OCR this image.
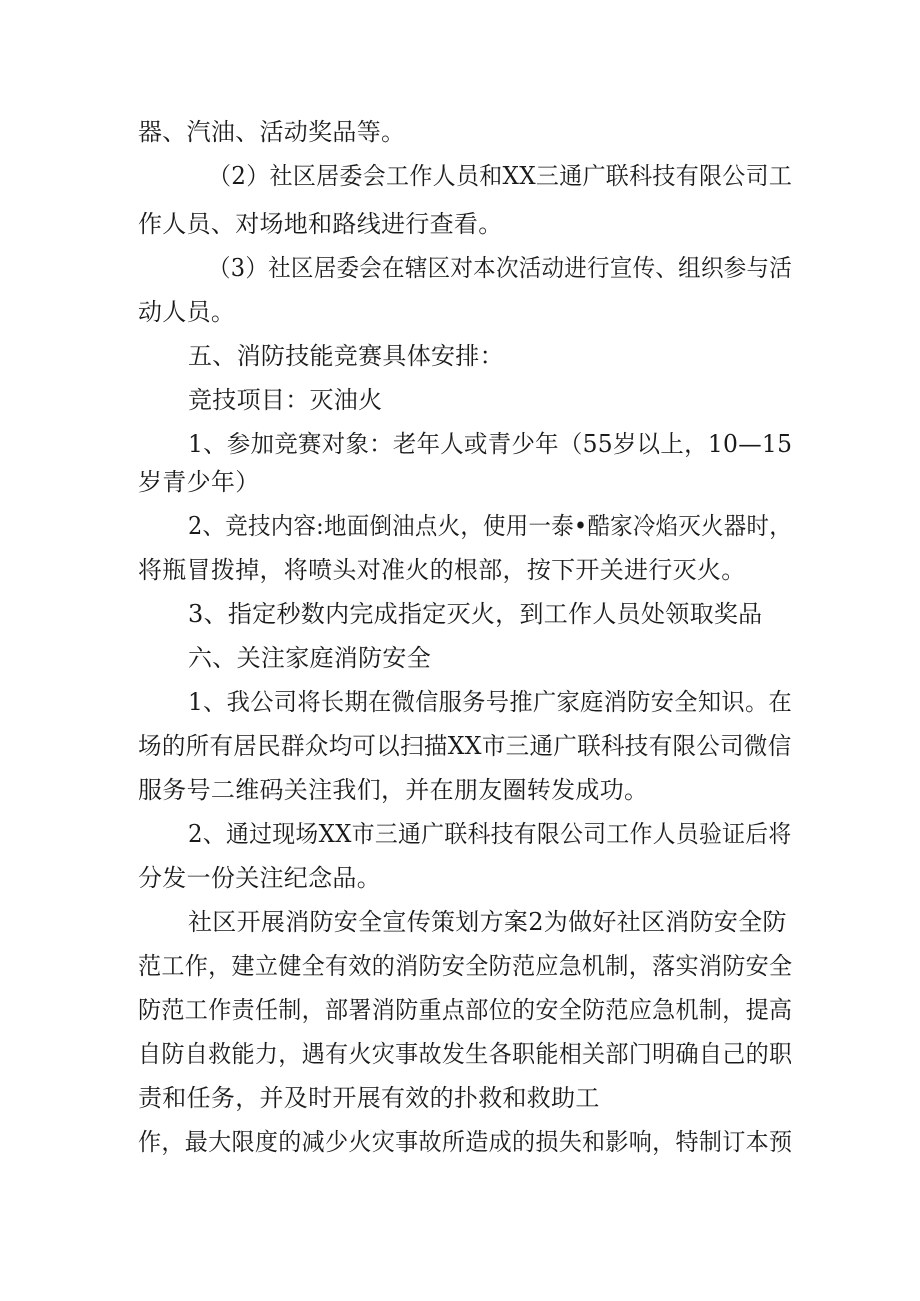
器、汽油、活动奖品等。
（2）社区居委会工作人员和XX三通广联科技有限公司工
作人员、对场地和路线进行查看。
（3）社区居委会在辖区对本次活动进行宣传、组织参与活
动人员。
五、消防技能竞赛具体安排：
竞技项目：灭油火
1、参加竞赛对象：老年人或青少年（55岁以上，10—15
岁青少年）
2、竞技内容:地面倒油点火，使用一泰•酷家冷焰灭火器时，
将瓶冒拨掉，将喷头对准火的根部，按下开关进行灭火。
3、指定秒数内完成指定灭火，到工作人员处领取奖品
六、关注家庭消防安全
1、我公司将长期在微信服务号推广家庭消防安全知识。在
场的所有居民群众均可以扫描XX市三通广联科技有限公司微信
服务号二维码关注我们，并在朋友圈转发成功。
2、通过现场XX市三通广联科技有限公司工作人员验证后将
分发一份关注纪念品。
社区开展消防安全宣传策划方案2为做好社区消防安全防
范工作，建立健全有效的消防安全防范应急机制，落实消防安全
防范工作责任制，部署消防重点部位的安全防范应急机制，提高
自防自救能力，遇有火灾事故发生各职能相关部门明确自己的职
责和任务，并及时开展有效的扑救和救助工
作，最大限度的减少火灾事故所造成的损失和影响，特制订本预
